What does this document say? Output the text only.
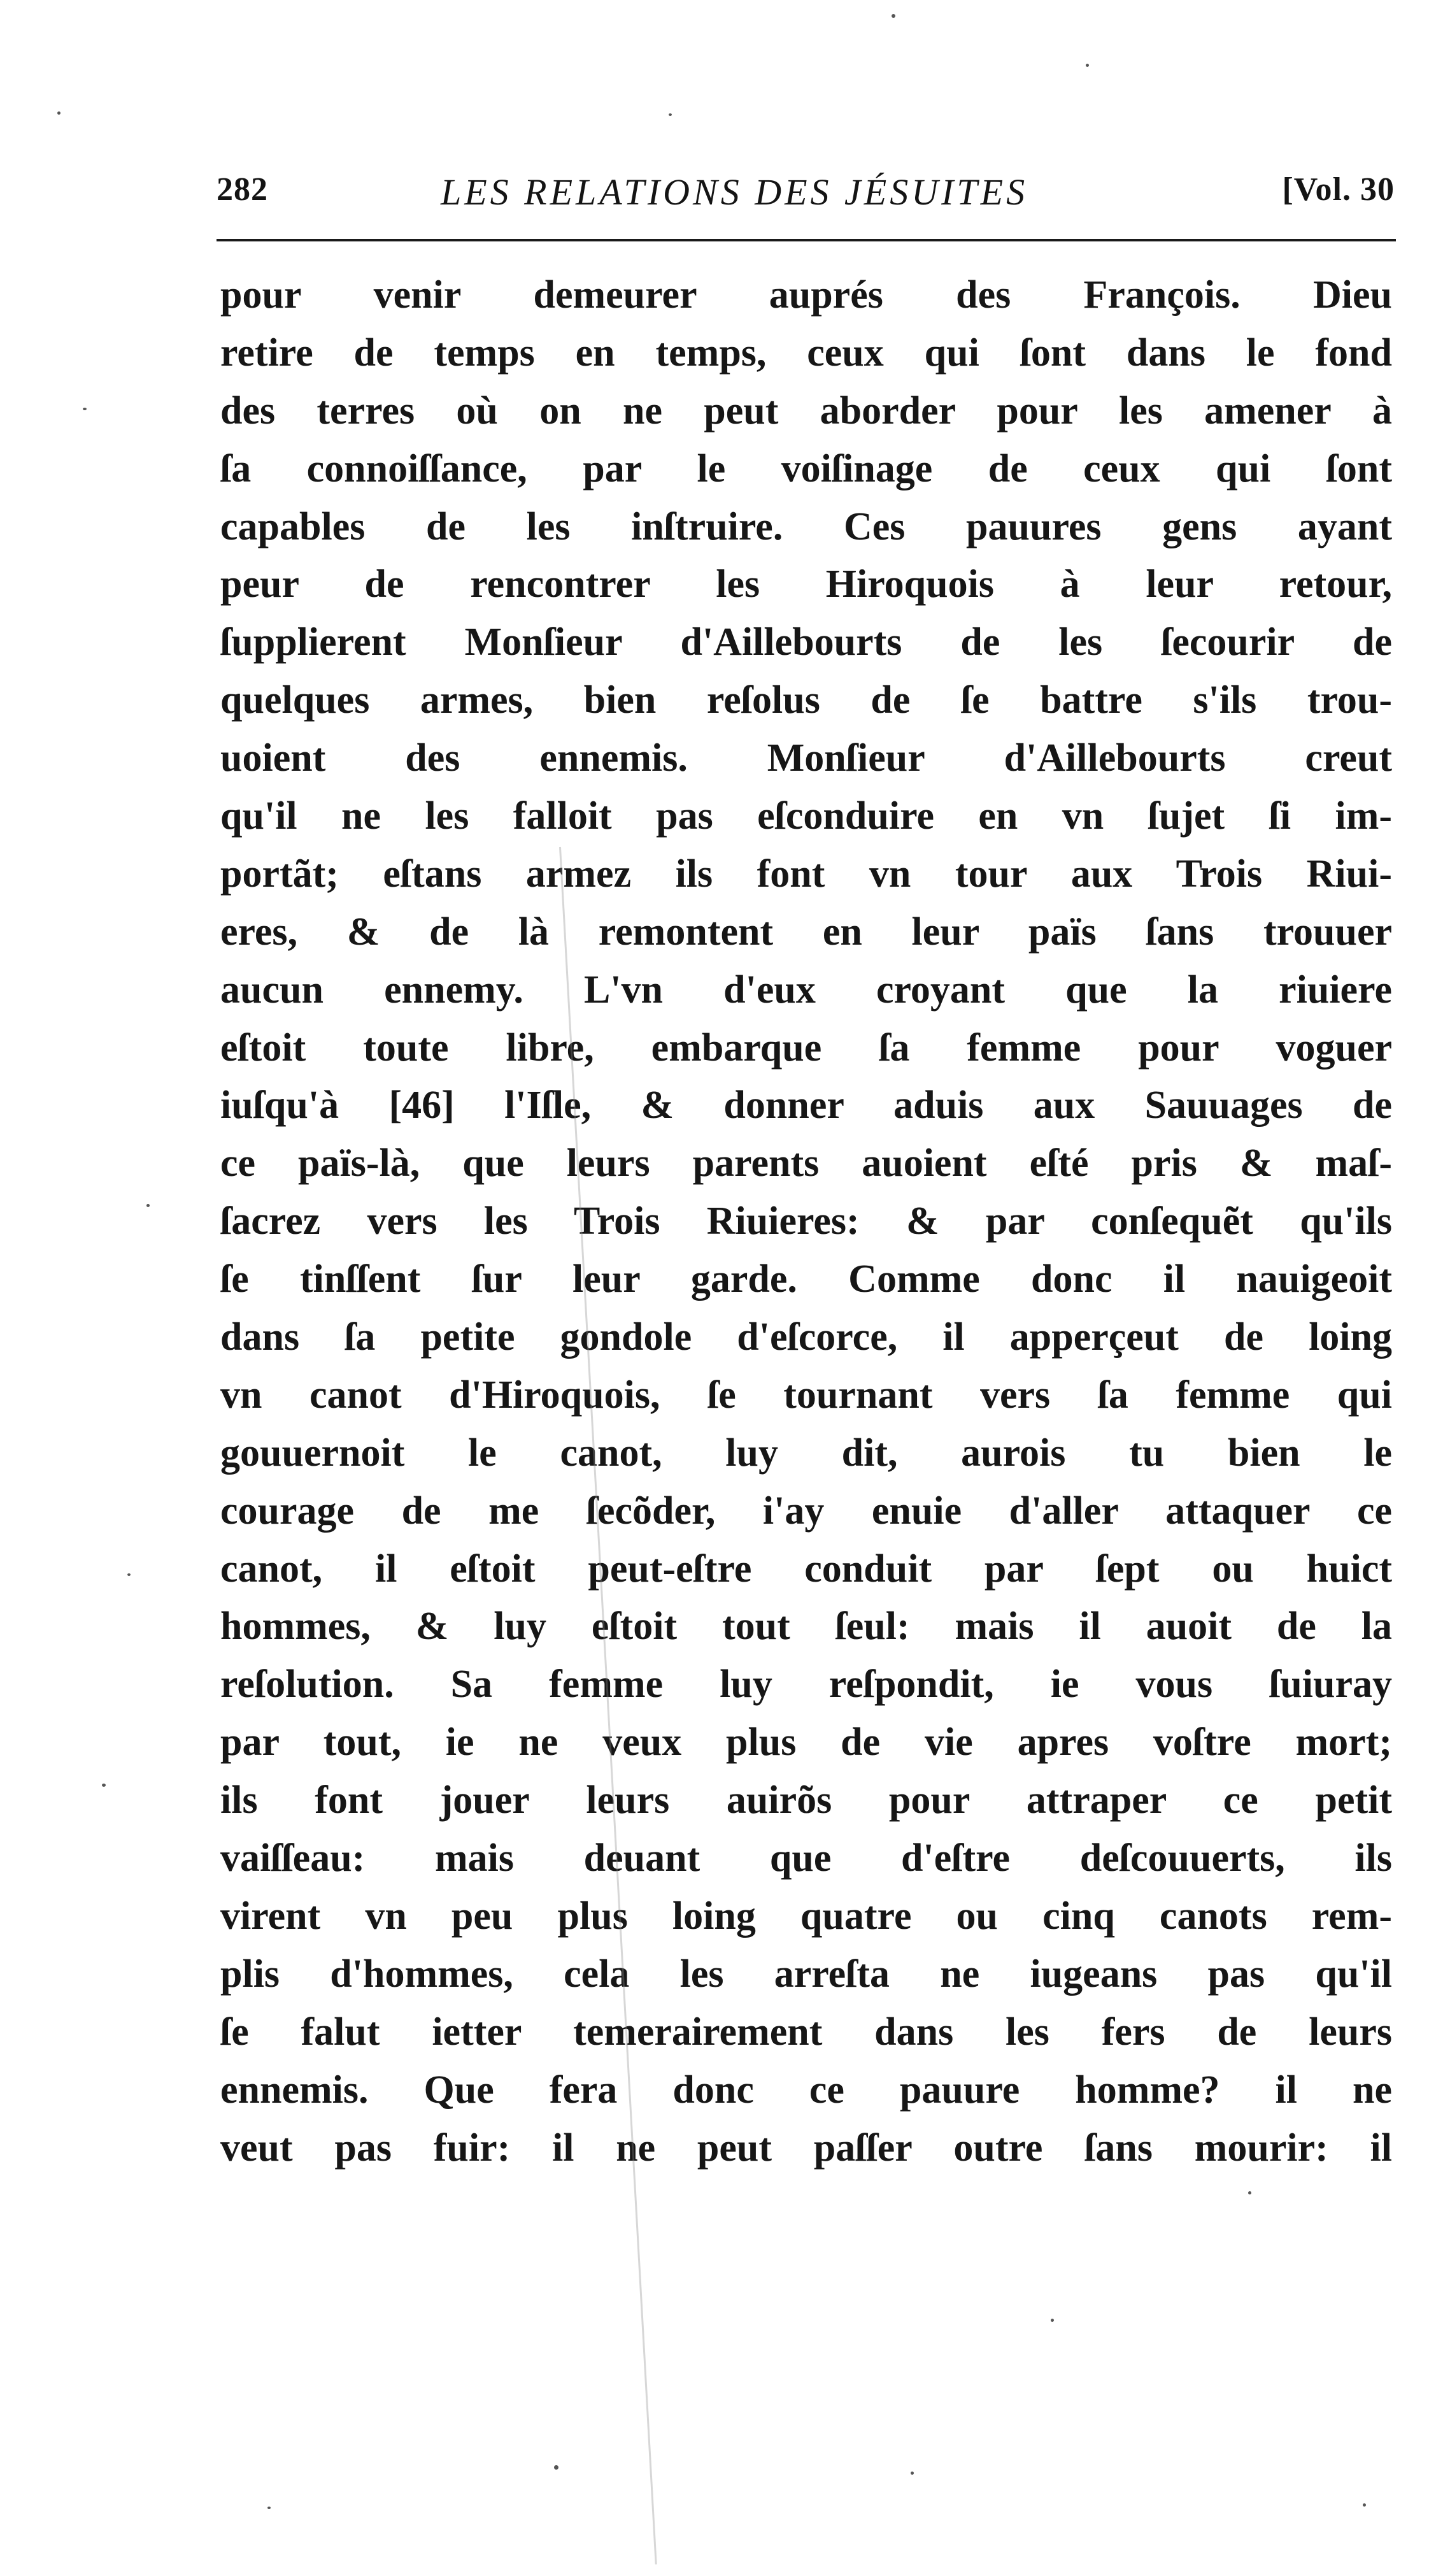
282	LES RELATIONS DES JÉSUITES	[Vol. 30
pour venir demeurer auprés des François. Dieu
retire de temps en temps, ceux qui ſont dans le fond
des terres où on ne peut aborder pour les amener à
ſa connoiſſance, par le voiſinage de ceux qui ſont
capables de les inſtruire. Ces pauures gens ayant
peur de rencontrer les Hiroquois à leur retour,
ſupplierent Monſieur d'Aillebourts de les ſecourir de
quelques armes, bien reſolus de ſe battre s'ils trou-
uoient des ennemis. Monſieur d'Aillebourts creut
qu'il ne les falloit pas eſconduire en vn ſujet ſi im-
portãt; eſtans armez ils font vn tour aux Trois Riui-
eres, & de là remontent en leur païs ſans trouuer
aucun ennemy. L'vn d'eux croyant que la riuiere
eſtoit toute libre, embarque ſa femme pour voguer
iuſqu'à [46] l'Iſle, & donner aduis aux Sauuages de
ce païs-là, que leurs parents auoient eſté pris & maſ-
ſacrez vers les Trois Riuieres: & par conſequẽt qu'ils
ſe tinſſent ſur leur garde. Comme donc il nauigeoit
dans ſa petite gondole d'eſcorce, il apperçeut de loing
vn canot d'Hiroquois, ſe tournant vers ſa femme qui
gouuernoit le canot, luy dit, aurois tu bien le
courage de me ſecõder, i'ay enuie d'aller attaquer ce
canot, il eſtoit peut-eſtre conduit par ſept ou huict
hommes, & luy eſtoit tout ſeul: mais il auoit de la
reſolution. Sa femme luy reſpondit, ie vous ſuiuray
par tout, ie ne veux plus de vie apres voſtre mort;
ils font jouer leurs auirõs pour attraper ce petit
vaiſſeau: mais deuant que d'eſtre deſcouuerts, ils
virent vn peu plus loing quatre ou cinq canots rem-
plis d'hommes, cela les arreſta ne iugeans pas qu'il
ſe falut ietter temerairement dans les fers de leurs
ennemis. Que fera donc ce pauure homme? il ne
veut pas fuir: il ne peut paſſer outre ſans mourir: il
